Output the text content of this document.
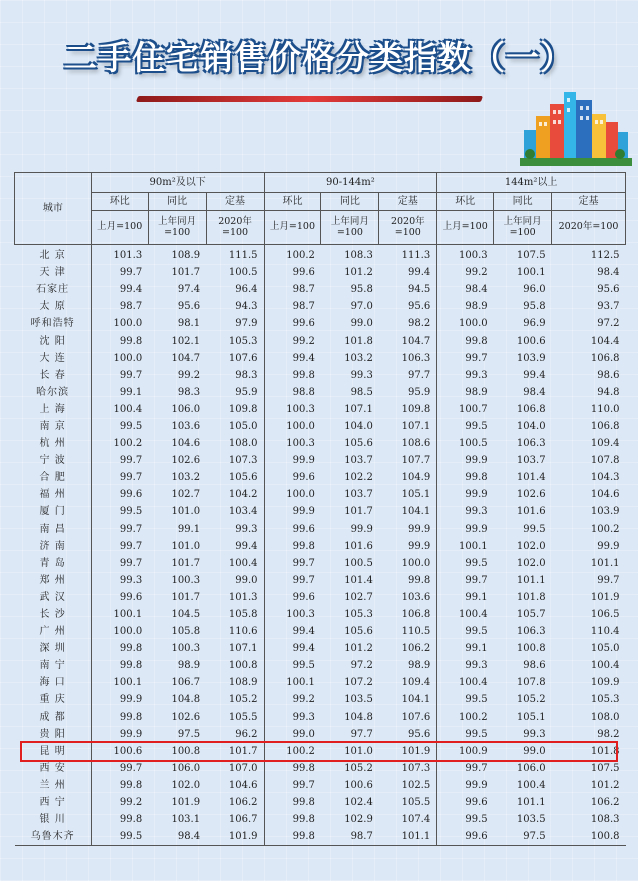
二手住宅销售价格分类指数（一）
城市	90m²及以下			90-144m²			144m²以上		
	环比	同比	定基	环比	同比	定基	环比	同比	定基
	上月=100	上年同月=100	2020年=100	上月=100	上年同月=100	2020年=100	上月=100	上年同月=100	2020年=100
北 京	101.3	108.9	111.5	100.2	108.3	111.3	100.3	107.5	112.5
天 津	99.7	101.7	100.5	99.6	101.2	99.4	99.2	100.1	98.4
石家庄	99.4	97.4	96.4	98.7	95.8	94.5	98.4	96.0	95.6
太 原	98.7	95.6	94.3	98.7	97.0	95.6	98.9	95.8	93.7
呼和浩特	100.0	98.1	97.9	99.6	99.0	98.2	100.0	96.9	97.2
沈 阳	99.8	102.1	105.3	99.2	101.8	104.7	99.8	100.6	104.4
大 连	100.0	104.7	107.6	99.4	103.2	106.3	99.7	103.9	106.8
长 春	99.7	99.2	98.3	99.8	99.3	97.7	99.3	99.4	98.6
哈尔滨	99.1	98.3	95.9	98.8	98.5	95.9	98.9	98.4	94.8
上 海	100.4	106.0	109.8	100.3	107.1	109.8	100.7	106.8	110.0
南 京	99.5	103.6	105.0	100.0	104.0	107.1	99.5	104.0	106.8
杭 州	100.2	104.6	108.0	100.3	105.6	108.6	100.5	106.3	109.4
宁 波	99.7	102.6	107.3	99.9	103.7	107.7	99.9	103.7	107.8
合 肥	99.7	103.2	105.6	99.6	102.2	104.9	99.8	101.4	104.3
福 州	99.6	102.7	104.2	100.0	103.7	105.1	99.9	102.6	104.6
厦 门	99.5	101.0	103.4	99.9	101.7	104.1	99.3	101.6	103.9
南 昌	99.7	99.1	99.3	99.6	99.9	99.9	99.9	99.5	100.2
济 南	99.7	101.0	99.4	99.8	101.6	99.9	100.1	102.0	99.9
青 岛	99.7	101.7	100.4	99.7	100.5	100.0	99.5	102.0	101.1
郑 州	99.3	100.3	99.0	99.7	101.4	99.8	99.7	101.1	99.7
武 汉	99.6	101.7	101.3	99.6	102.7	103.6	99.1	101.8	101.9
长 沙	100.1	104.5	105.8	100.3	105.3	106.8	100.4	105.7	106.5
广 州	100.0	105.8	110.6	99.4	105.6	110.5	99.5	106.3	110.4
深 圳	99.8	100.3	107.1	99.4	101.2	106.2	99.1	100.8	105.0
南 宁	99.8	98.9	100.8	99.5	97.2	98.9	99.3	98.6	100.4
海 口	100.1	106.7	108.9	100.1	107.2	109.4	100.4	107.8	109.9
重 庆	99.9	104.8	105.2	99.2	103.5	104.1	99.5	105.2	105.3
成 都	99.8	102.6	105.5	99.3	104.8	107.6	100.2	105.1	108.0
贵 阳	99.9	97.5	96.2	99.0	97.7	95.6	99.5	99.3	98.2
昆 明	100.6	100.8	101.7	100.2	101.0	101.9	100.9	99.0	101.8
西 安	99.7	106.0	107.0	99.8	105.2	107.3	99.7	106.0	107.5
兰 州	99.8	102.0	104.6	99.7	100.6	102.5	99.9	100.4	101.2
西 宁	99.2	101.9	106.2	99.8	102.4	105.5	99.6	101.1	106.2
银 川	99.8	103.1	106.7	99.8	102.9	107.4	99.5	103.5	108.3
乌鲁木齐	99.5	98.4	101.9	99.8	98.7	101.1	99.6	97.5	100.8
